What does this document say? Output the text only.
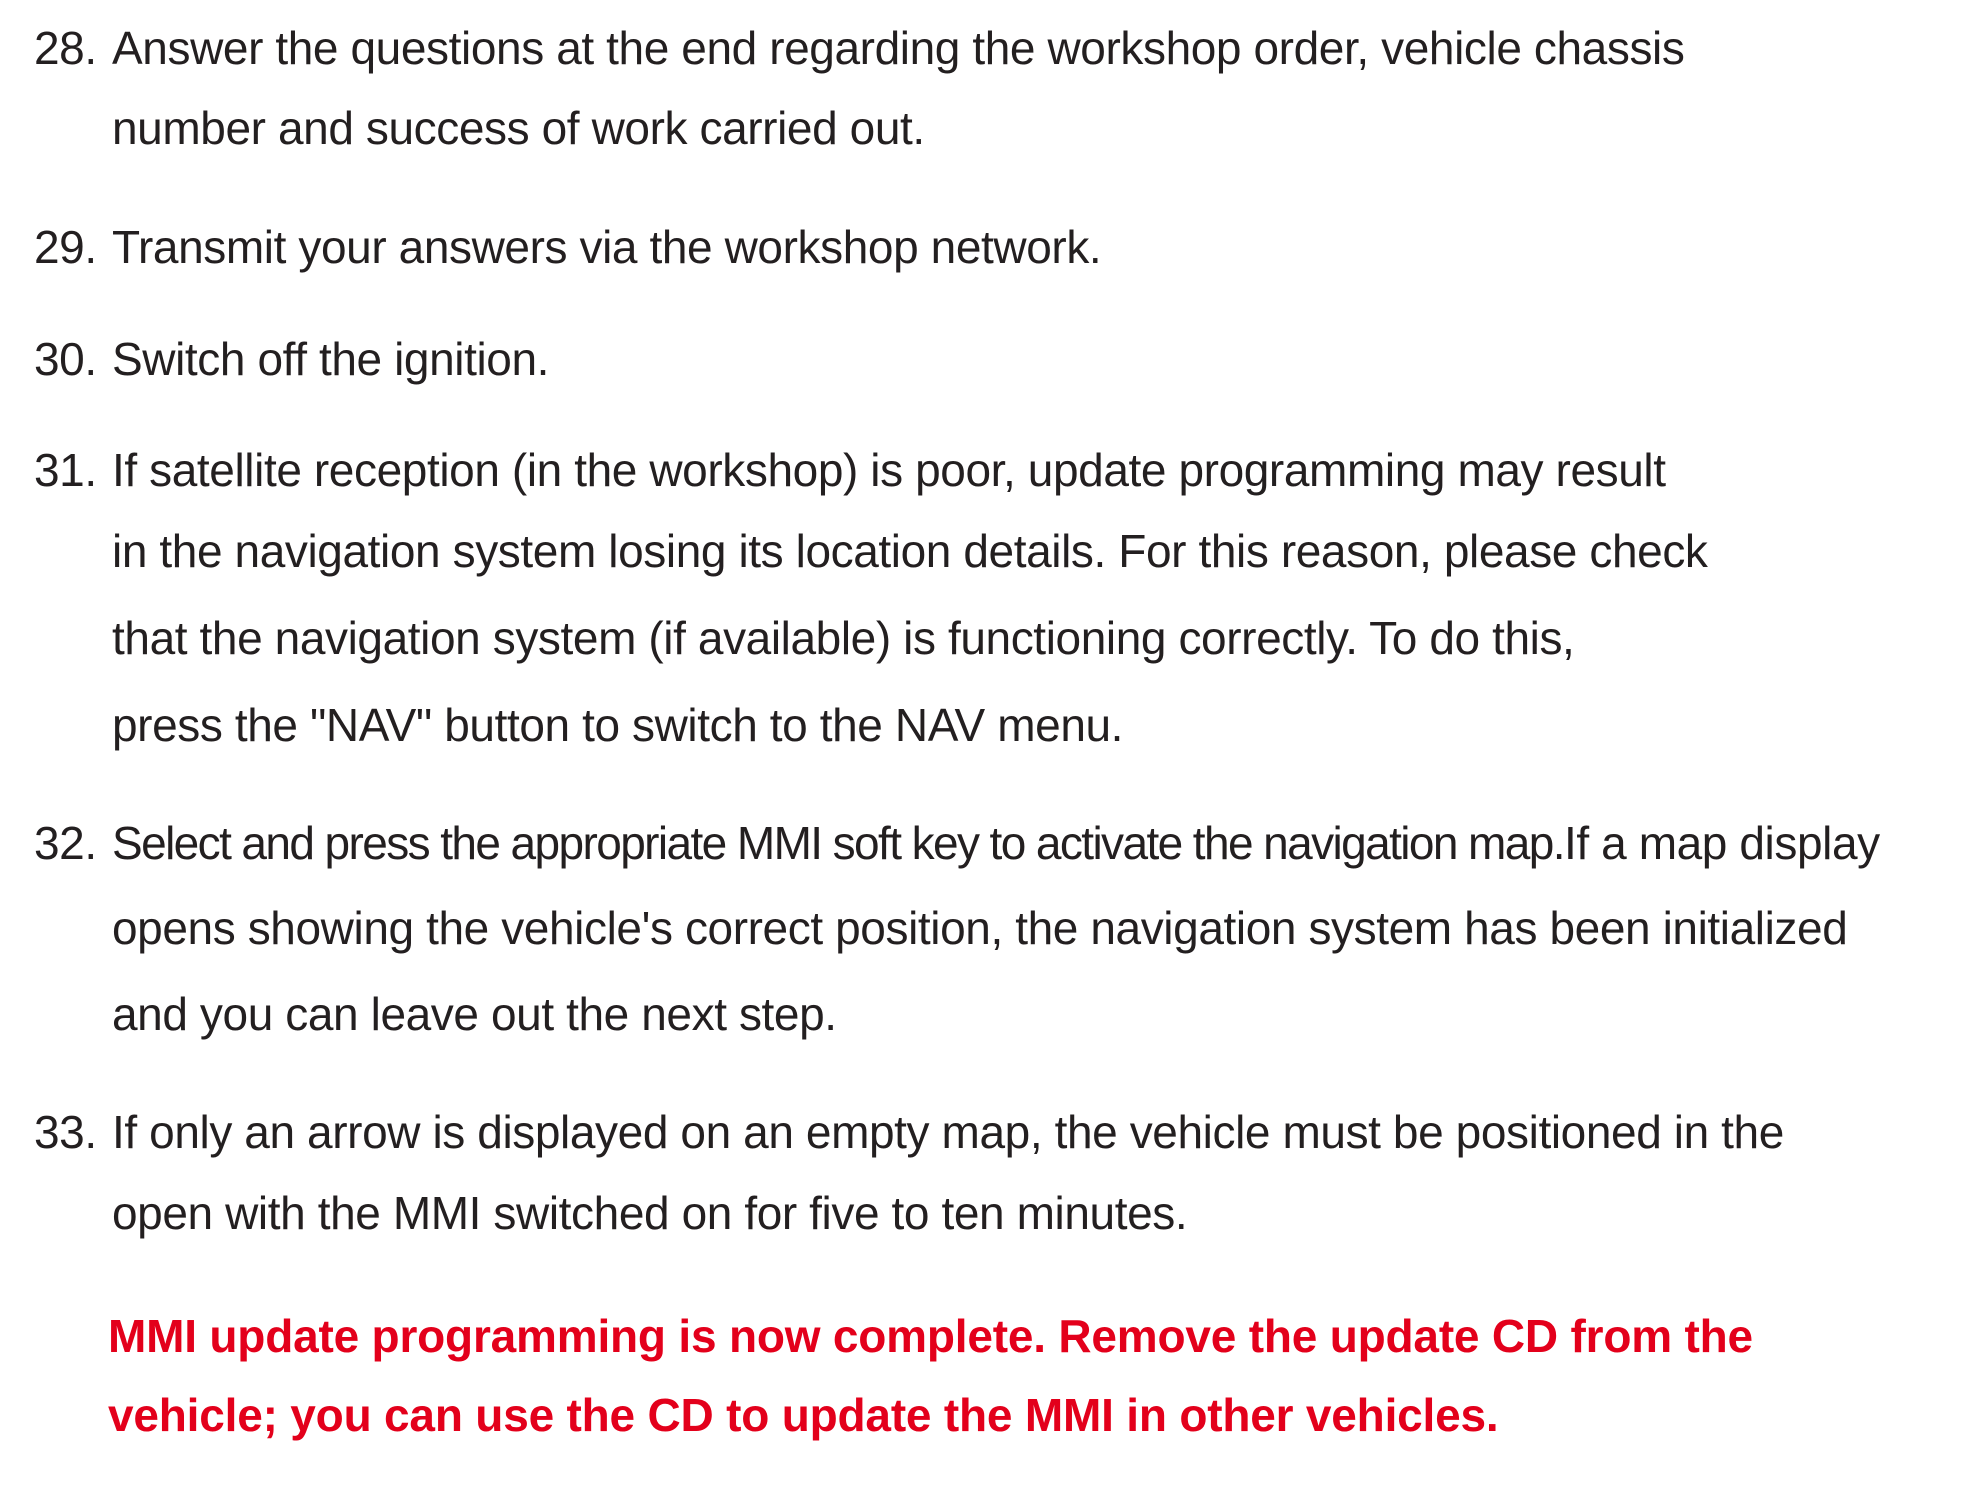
28. Answer the questions at the end regarding the workshop order, vehicle chassis
number and success of work carried out.
29. Transmit your answers via the workshop network.
30. Switch off the ignition.
31. If satellite reception (in the workshop) is poor, update programming may result
in the navigation system losing its location details. For this reason, please check
that the navigation system (if available) is functioning correctly. To do this,
press the "NAV" button to switch to the NAV menu.
32. Select and press the appropriate MMI soft key to activate the navigation map. If a map display
opens showing the vehicle's correct position, the navigation system has been initialized
and you can leave out the next step.
33. If only an arrow is displayed on an empty map, the vehicle must be positioned in the
open with the MMI switched on for five to ten minutes.
MMI update programming is now complete. Remove the update CD from the
vehicle; you can use the CD to update the MMI in other vehicles.
